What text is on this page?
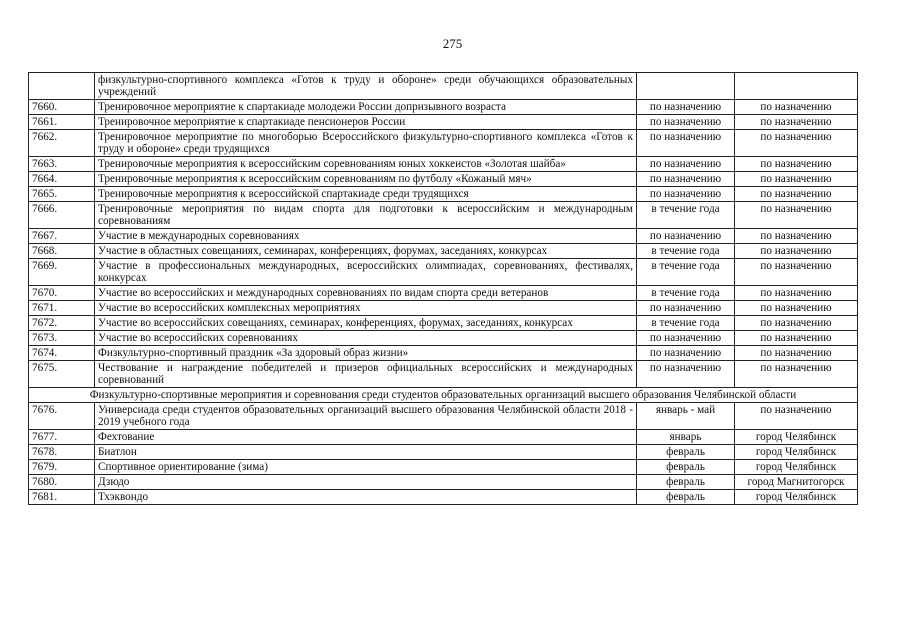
275
	физкультурно-спортивного комплекса «Готов к труду и обороне» среди обучающихся образовательных учреждений		
7660.	Тренировочное мероприятие к спартакиаде молодежи России допризывного возраста	по назначению	по назначению
7661.	Тренировочное мероприятие к спартакиаде пенсионеров России	по назначению	по назначению
7662.	Тренировочное мероприятие по многоборью Всероссийского физкультурно-спортивного комплекса «Готов к труду и обороне» среди трудящихся	по назначению	по назначению
7663.	Тренировочные мероприятия к всероссийским соревнованиям юных хоккеистов «Золотая шайба»	по назначению	по назначению
7664.	Тренировочные мероприятия к всероссийским соревнованиям по футболу «Кожаный мяч»	по назначению	по назначению
7665.	Тренировочные мероприятия к всероссийской спартакиаде среди трудящихся	по назначению	по назначению
7666.	Тренировочные мероприятия по видам спорта для подготовки к всероссийским и международным соревнованиям	в течение года	по назначению
7667.	Участие в международных соревнованиях	по назначению	по назначению
7668.	Участие в областных совещаниях, семинарах, конференциях, форумах, заседаниях, конкурсах	в течение года	по назначению
7669.	Участие в профессиональных международных, всероссийских олимпиадах, соревнованиях, фестивалях, конкурсах	в течение года	по назначению
7670.	Участие во всероссийских и международных соревнованиях по видам спорта среди ветеранов	в течение года	по назначению
7671.	Участие во всероссийских комплексных мероприятиях	по назначению	по назначению
7672.	Участие во всероссийских совещаниях, семинарах, конференциях, форумах, заседаниях, конкурсах	в течение года	по назначению
7673.	Участие во всероссийских соревнованиях	по назначению	по назначению
7674.	Физкультурно-спортивный праздник «За здоровый образ жизни»	по назначению	по назначению
7675.	Чествование и награждение победителей и призеров официальных всероссийских и международных соревнований	по назначению	по назначению
Физкультурно-спортивные мероприятия и соревнования среди студентов образовательных организаций высшего образования Челябинской области			
7676.	Универсиада среди студентов образовательных организаций высшего образования Челябинской области 2018 - 2019 учебного года	январь - май	по назначению
7677.	Фехтование	январь	город Челябинск
7678.	Биатлон	февраль	город Челябинск
7679.	Спортивное ориентирование (зима)	февраль	город Челябинск
7680.	Дзюдо	февраль	город Магнитогорск
7681.	Тхэквондо	февраль	город Челябинск
